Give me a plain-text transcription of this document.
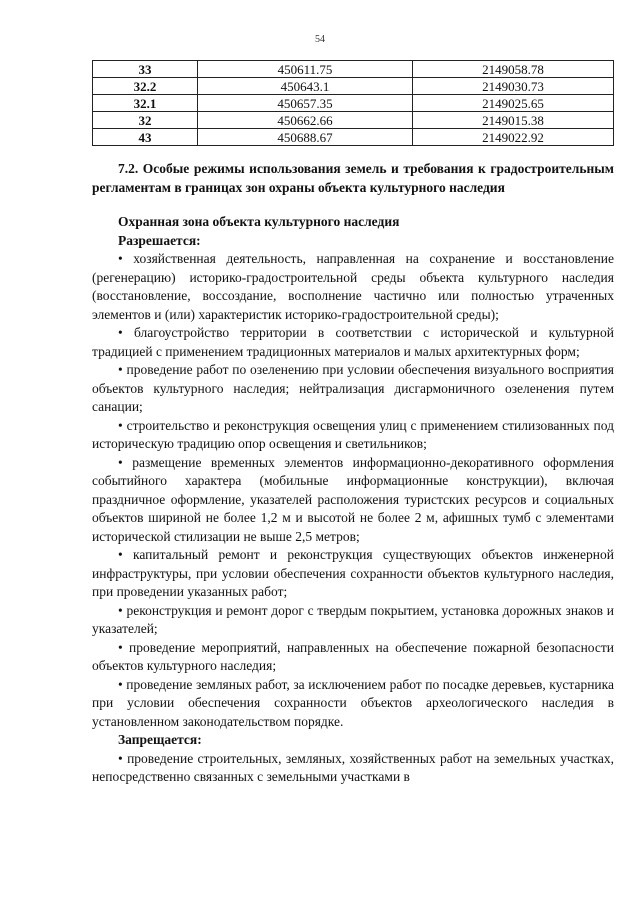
54
33	450611.75	2149058.78
32.2	450643.1	2149030.73
32.1	450657.35	2149025.65
32	450662.66	2149015.38
43	450688.67	2149022.92

7.2. Особые режимы использования земель и требования к градостроительным регламентам в границах зон охраны объекта культурного наследия

Охранная зона объекта культурного наследия

Разрешается:

• хозяйственная деятельность, направленная на сохранение и восстановление (регенерацию) историко-градостроительной среды объекта культурного наследия (восстановление, воссоздание, восполнение частично или полностью утраченных элементов и (или) характеристик историко-градостроительной среды);

• благоустройство территории в соответствии с исторической и культурной традицией с применением традиционных материалов и малых архитектурных форм;

• проведение работ по озеленению при условии обеспечения визуального восприятия объектов культурного наследия; нейтрализация дисгармоничного озеленения путем санации;

• строительство и реконструкция освещения улиц с применением стилизованных под историческую традицию опор освещения и светильников;

• размещение временных элементов информационно-декоративного оформления событийного характера (мобильные информационные конструкции), включая праздничное оформление, указателей расположения туристских ресурсов и социальных объектов шириной не более 1,2 м и высотой не более 2 м, афишных тумб с элементами исторической стилизации не выше 2,5 метров;

• капитальный ремонт и реконструкция существующих объектов инженерной инфраструктуры, при условии обеспечения сохранности объектов культурного наследия, при проведении указанных работ;

• реконструкция и ремонт дорог с твердым покрытием, установка дорожных знаков и указателей;

• проведение мероприятий, направленных на обеспечение пожарной безопасности объектов культурного наследия;

• проведение земляных работ, за исключением работ по посадке деревьев, кустарника при условии обеспечения сохранности объектов археологического наследия в установленном законодательством порядке.

Запрещается:

• проведение строительных, земляных, хозяйственных работ на земельных участках, непосредственно связанных с земельными участками в
